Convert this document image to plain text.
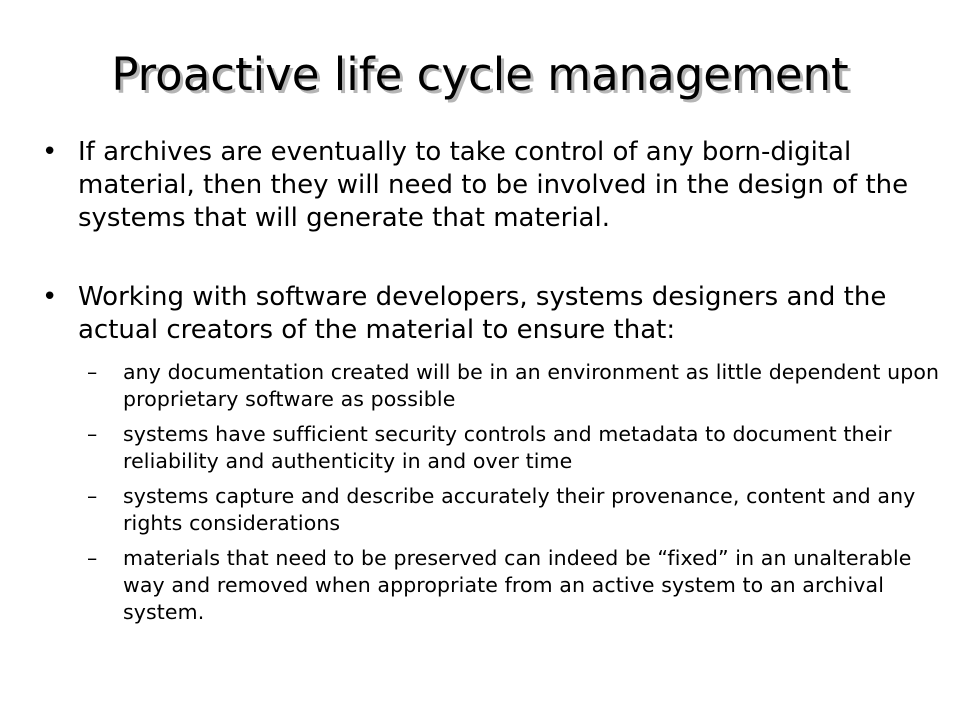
Proactive life cycle management
• If archives are eventually to take control of any born-digital material, then they will need to be involved in the design of the systems that will generate that material.
• Working with software developers, systems designers and the actual creators of the material to ensure that:
– any documentation created will be in an environment as little dependent upon proprietary software as possible
– systems have sufficient security controls and metadata to document their reliability and authenticity in and over time
– systems capture and describe accurately their provenance, content and any rights considerations
– materials that need to be preserved can indeed be “fixed” in an unalterable way and removed when appropriate from an active system to an archival system.
